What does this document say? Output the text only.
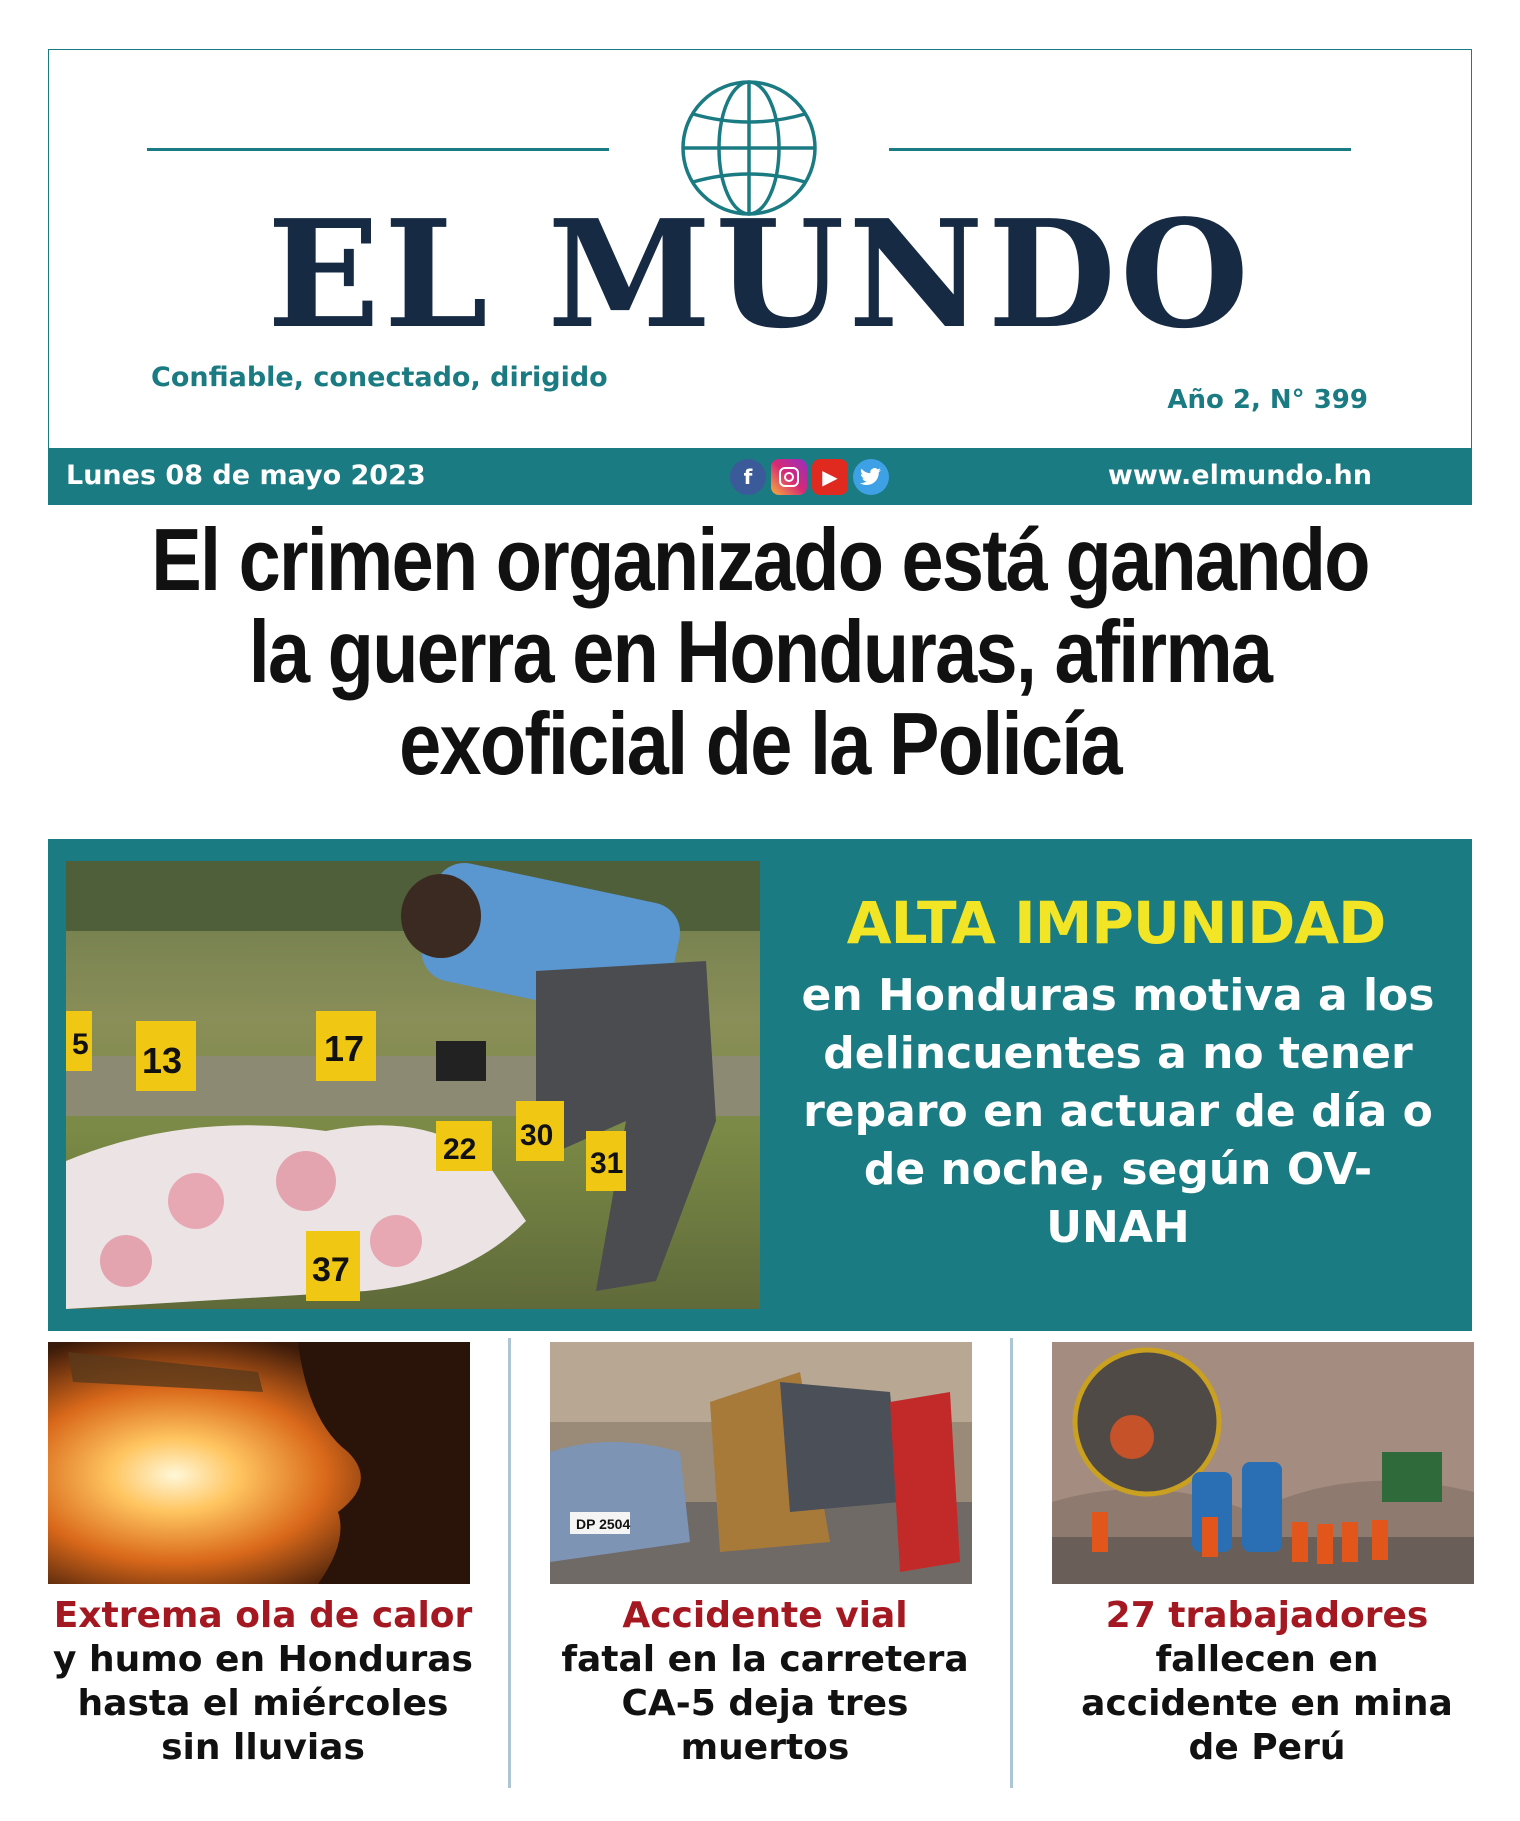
EL MUNDO
Confiable, conectado, dirigido
Año 2, N° 399
Lunes 08 de mayo 2023	f	▶	www.elmundo.hn
El crimen organizado está ganando la guerra en Honduras, afirma exoficial de la Policía
5 13	17
22 30
31
37
ALTA IMPUNIDAD
en Honduras motiva a los delincuentes a no tener reparo en actuar de día o de noche, según OV-UNAH
Extrema ola de calor
y humo en Honduras hasta el miércoles sin lluvias
DP 2504
Accidente vial
fatal en la carretera CA-5 deja tres muertos
27 trabajadores
fallecen en accidente en mina de Perú
